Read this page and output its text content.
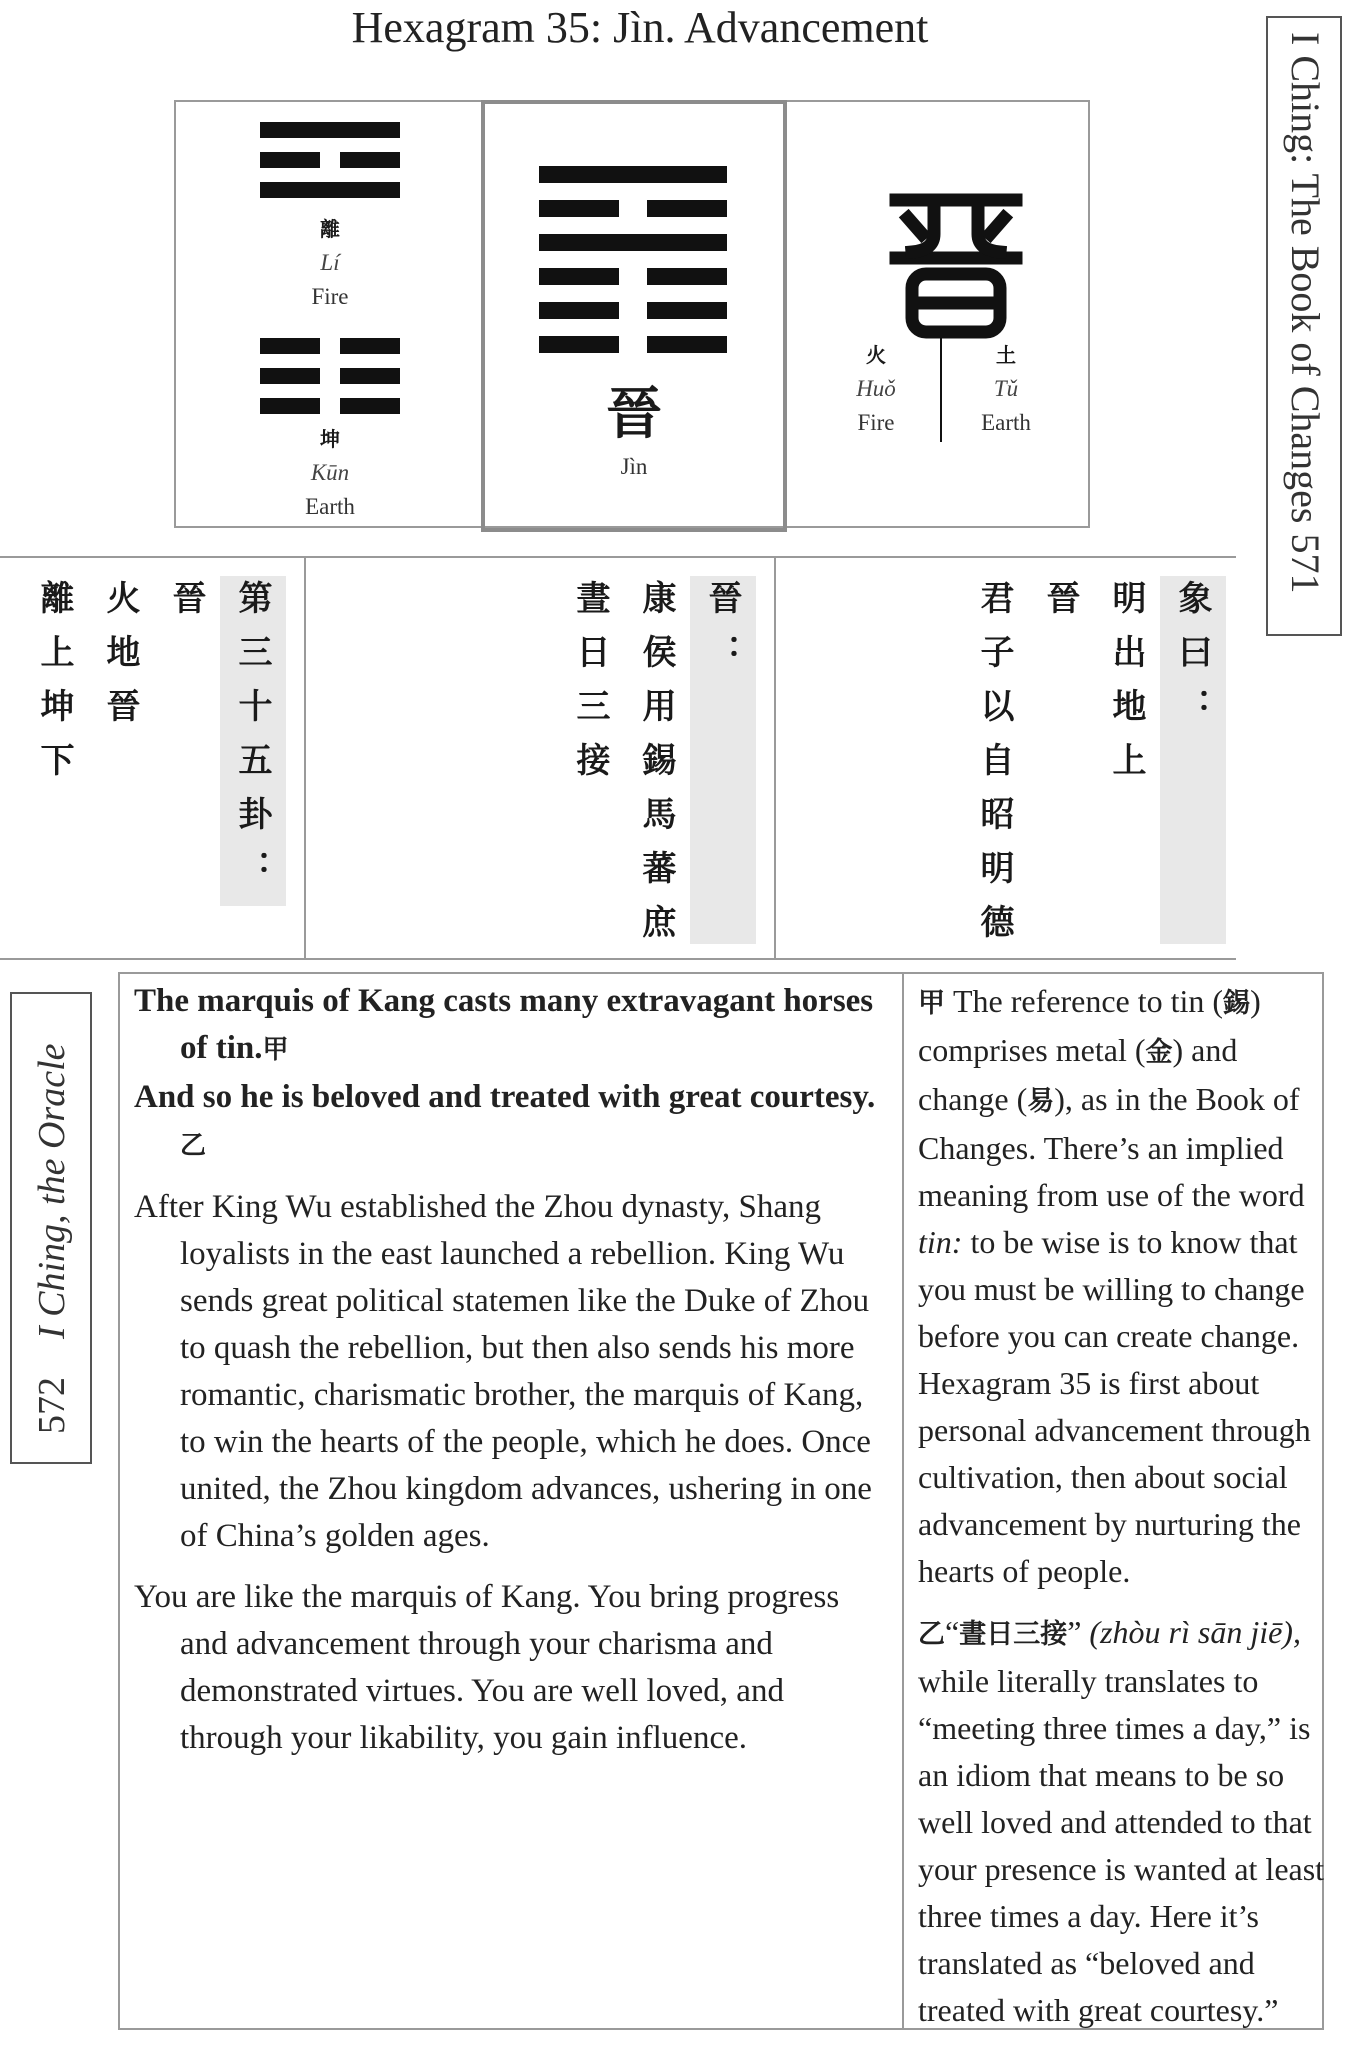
Hexagram 35: Jìn. Advancement
I Ching: The Book of Changes 571
離
Lí
Fire
坤
Kūn
Earth
晉
Jìn
火
Huǒ
Fire
土
Tǔ
Earth
第三十五卦：
晉
火地晉
離上坤下	晉：
康侯用錫馬蕃庶
晝日三接	象曰：
明出地上
晉
君子以自昭明德
572    I Ching, the Oracle

The marquis of Kang casts many extravagant horses of tin.甲

And so he is beloved and treated with great courtesy.乙

After King Wu established the Zhou dynasty, Shang loyalists in the east launched a rebellion. King Wu sends great political statemen like the Duke of Zhou to quash the rebellion, but then also sends his more romantic, charismatic brother, the marquis of Kang, to win the hearts of the people, which he does. Once united, the Zhou kingdom advances, ushering in one of China’s golden ages.

You are like the marquis of Kang. You bring progress and advancement through your charisma and demonstrated virtues. You are well loved, and through your likability, you gain influence.

甲 The reference to tin (錫) comprises metal (金) and change (易), as in the Book of Changes. There’s an implied meaning from use of the word tin: to be wise is to know that you must be willing to change before you can create change. Hexagram 35 is first about personal advancement through cultivation, then about social advancement by nurturing the hearts of people.

乙“晝日三接” (zhòu rì sān jiē), while literally translates to “meeting three times a day,” is an idiom that means to be so well loved and attended to that your presence is wanted at least three times a day. Here it’s translated as “beloved and treated with great courtesy.”
